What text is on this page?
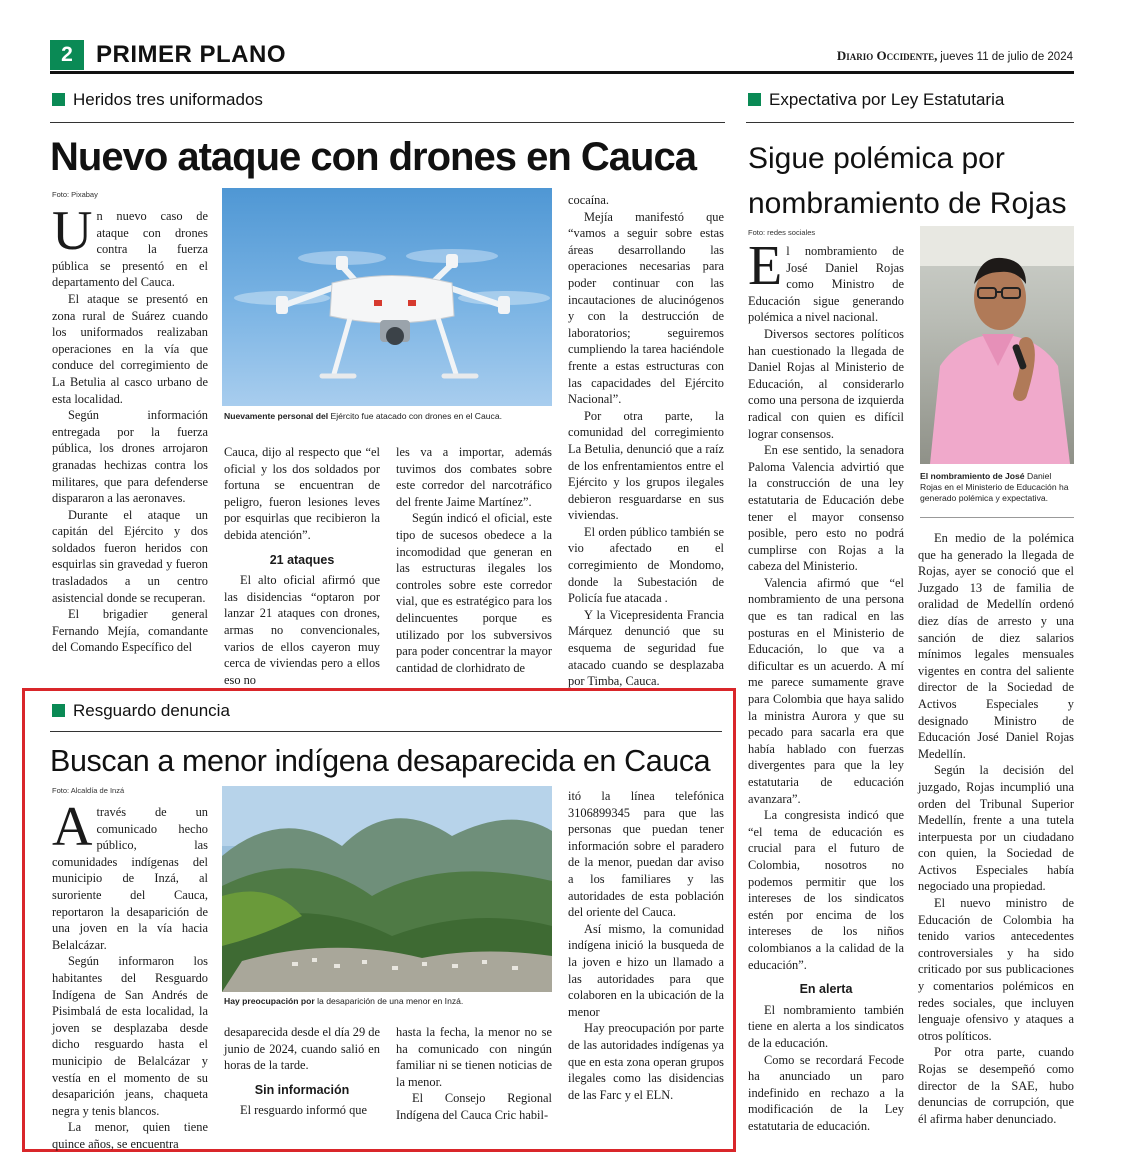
2 PRIMER PLANO	Diario Occidente, jueves 11 de julio de 2024
Heridos tres uniformados
Nuevo ataque con drones en Cauca
Foto: Pixabay
Nuevamente personal del Ejército fue atacado con drones en el Cauca.

Un nuevo caso de ataque con drones contra la fuerza pública se presentó en el departamento del Cauca.

El ataque se presentó en zona rural de Suárez cuando los uniformados realizaban operaciones en la vía que conduce del corregimiento de La Betulia al casco urbano de esta localidad.

Según información entregada por la fuerza pública, los drones arrojaron granadas hechizas contra los militares, que para defenderse dispararon a las aeronaves.

Durante el ataque un capitán del Ejército y dos soldados fueron heridos con esquirlas sin gravedad y fueron trasladados a un centro asistencial donde se recuperan.

El brigadier general Fernando Mejía, comandante del Comando Específico del

Cauca, dijo al respecto que “el oficial y los dos soldados por fortuna se encuentran de peligro, fueron lesiones leves por esquirlas que recibieron la debida atención”.

21 ataques

El alto oficial afirmó que las disidencias “optaron por lanzar 21 ataques con drones, armas no convencionales, varios de ellos cayeron muy cerca de viviendas pero a ellos eso no

les va a importar, además tuvimos dos combates sobre este corredor del narcotráfico del frente Jaime Martínez”.

Según indicó el oficial, este tipo de sucesos obedece a la incomodidad que generan en las estructuras ilegales los controles sobre este corredor vial, que es estratégico para los delincuentes porque es utilizado por los subversivos para poder concentrar la mayor cantidad de clorhidrato de

cocaína.

Mejía manifestó que “vamos a seguir sobre estas áreas desarrollando las operaciones necesarias para poder continuar con las incautaciones de alucinógenos y con la destrucción de laboratorios; seguiremos cumpliendo la tarea haciéndole frente a estas estructuras con las capacidades del Ejército Nacional”.

Por otra parte, la comunidad del corregimiento La Betulia, denunció que a raíz de los enfrentamientos entre el Ejército y los grupos ilegales debieron resguardarse en sus viviendas.

El orden público también se vio afectado en el corregimiento de Mondomo, donde la Subestación de Policía fue atacada .

Y la Vicepresidenta Francia Márquez denunció que su esquema de seguridad fue atacado cuando se desplazaba por Timba, Cauca.

Expectativa por Ley Estatutaria
Sigue polémica por nombramiento de Rojas
Foto: redes sociales
El nombramiento de José Daniel Rojas en el Ministerio de Educación ha generado polémica y expectativa.

El nombramiento de José Daniel Rojas como Ministro de Educación sigue generando polémica a nivel nacional.

Diversos sectores políticos han cuestionado la llegada de Daniel Rojas al Ministerio de Educación, al considerarlo como una persona de izquierda radical con quien es difícil lograr consensos.

En ese sentido, la senadora Paloma Valencia advirtió que la construcción de una ley estatutaria de Educación debe tener el mayor consenso posible, pero esto no podrá cumplirse con Rojas a la cabeza del Ministerio.

Valencia afirmó que “el nombramiento de una persona que es tan radical en las posturas en el Ministerio de Educación, lo que va a dificultar es un acuerdo. A mí me parece sumamente grave para Colombia que haya salido la ministra Aurora y que su pecado para sacarla era que había hablado con fuerzas divergentes para que la ley estatutaria de educación avanzara”.

La congresista indicó que “el tema de educación es crucial para el futuro de Colombia, nosotros no podemos permitir que los intereses de los sindicatos estén por encima de los intereses de los niños colombianos a la calidad de la educación”.

En alerta

El nombramiento también tiene en alerta a los sindicatos de la educación.

Como se recordará Fecode ha anunciado un paro indefinido en rechazo a la modificación de la Ley estatutaria de educación.

En medio de la polémica que ha generado la llegada de Rojas, ayer se conoció que el Juzgado 13 de familia de oralidad de Medellín ordenó diez días de arresto y una sanción de diez salarios mínimos legales mensuales vigentes en contra del saliente director de la Sociedad de Activos Especiales y designado Ministro de Educación José Daniel Rojas Medellín.

Según la decisión del juzgado, Rojas incumplió una orden del Tribunal Superior Medellín, frente a una tutela interpuesta por un ciudadano con quien, la Sociedad de Activos Especiales había negociado una propiedad.

El nuevo ministro de Educación de Colombia ha tenido varios antecedentes controversiales y ha sido criticado por sus publicaciones y comentarios polémicos en redes sociales, que incluyen lenguaje ofensivo y ataques a otros políticos.

Por otra parte, cuando Rojas se desempeñó como director de la SAE, hubo denuncias de corrupción, que él afirma haber denunciado.

Resguardo denuncia
Buscan a menor indígena desaparecida en Cauca
Foto: Alcaldía de Inzá
Hay preocupación por la desaparición de una menor en Inzá.

Através de un comunicado hecho público, las comunidades indígenas del municipio de Inzá, al suroriente del Cauca, reportaron la desaparición de una joven en la vía hacia Belalcázar.

Según informaron los habitantes del Resguardo Indígena de San Andrés de Pisimbalá de esta localidad, la joven se desplazaba desde dicho resguardo hasta el municipio de Belalcázar y vestía en el momento de su desaparición jeans, chaqueta negra y tenis blancos.

La menor, quien tiene quince años, se encuentra

desaparecida desde el día 29 de junio de 2024, cuando salió en horas de la tarde.

Sin información

El resguardo informó que

hasta la fecha, la menor no se ha comunicado con ningún familiar ni se tienen noticias de la menor.

El Consejo Regional Indígena del Cauca Cric habil-

itó la línea telefónica 3106899345 para que las personas que puedan tener información sobre el paradero de la menor, puedan dar aviso a los familiares y las autoridades de esta población del oriente del Cauca.

Así mismo, la comunidad indígena inició la busqueda de la joven e hizo un llamado a las autoridades para que colaboren en la ubicación de la menor

Hay preocupación por parte de las autoridades indígenas ya que en esta zona operan grupos ilegales como las disidencias de las Farc y el ELN.
